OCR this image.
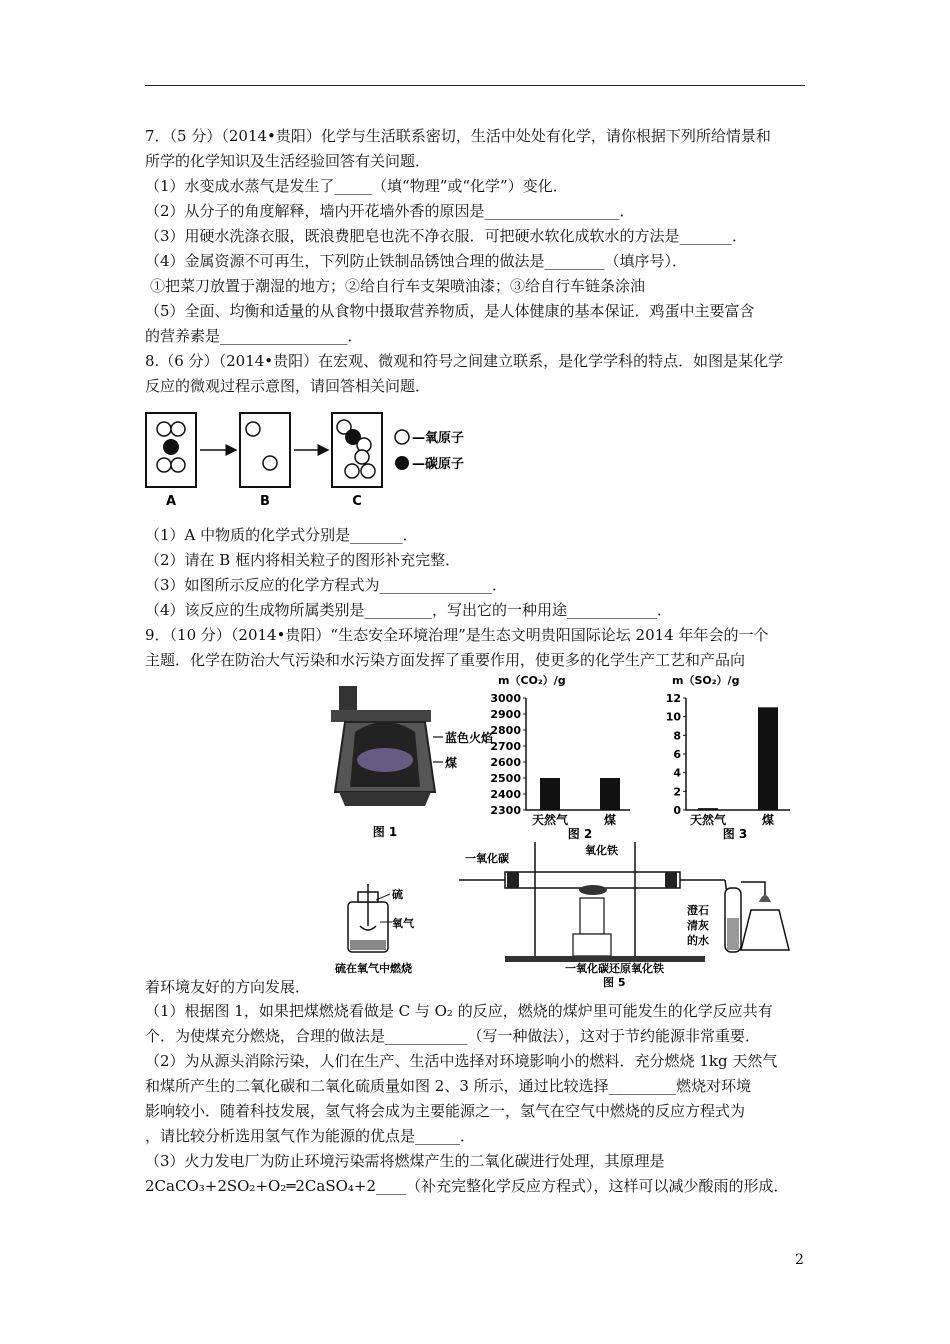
7．（5 分）（2014•贵阳）化学与生活联系密切，生活中处处有化学，请你根据下列所给情景和
所学的化学知识及生活经验回答有关问题．
（1）水变成水蒸气是发生了_____（填“物理”或“化学”）变化．
（2）从分子的角度解释，墙内开花墙外香的原因是__________________．
（3）用硬水洗涤衣服，既浪费肥皂也洗不净衣服．可把硬水软化成软水的方法是_______．
（4）金属资源不可再生，下列防止铁制品锈蚀合理的做法是________（填序号）．
①把菜刀放置于潮湿的地方；②给自行车支架喷油漆；③给自行车链条涂油
（5）全面、均衡和适量的从食物中摄取营养物质，是人体健康的基本保证．鸡蛋中主要富含
的营养素是_________________．
8.（6 分）（2014•贵阳）在宏观、微观和符号之间建立联系，是化学学科的特点．如图是某化学
反应的微观过程示意图，请回答相关问题．
—氧原子
—碳原子
A	B	C
（1）A 中物质的化学式分别是_______．
（2）请在 B 框内将相关粒子的图形补充完整．
（3）如图所示反应的化学方程式为_______________．
（4）该反应的生成物所属类别是_________，写出它的一种用途____________．
9．（10 分）（2014•贵阳）“生态安全环境治理”是生态文明贵阳国际论坛 2014 年年会的一个
主题．化学在防治大气污染和水污染方面发挥了重要作用，使更多的化学生产工艺和产品向
蓝色火焰
煤
图 1
m（CO₂）/g
2300
2400
2500
2600
2700
2800
2900
3000
天然气	煤
图 2
m（SO₂）/g
0
2
4
6
8
10
12
天然气	煤
图 3
硫
氧气
硫在氧气中燃烧
一氧化碳
氧化铁
澄石
清灰
的水
一氧化碳还原氧化铁
图 5
着环境友好的方向发展．
（1）根据图 1，如果把煤燃烧看做是 C 与 O₂ 的反应，燃烧的煤炉里可能发生的化学反应共有
个．为使煤充分燃烧，合理的做法是___________（写一种做法），这对于节约能源非常重要．
（2）为从源头消除污染，人们在生产、生活中选择对环境影响小的燃料．充分燃烧 1kg 天然气
和煤所产生的二氧化碳和二氧化硫质量如图 2、3 所示，通过比较选择_________燃烧对环境
影响较小．随着科技发展，氢气将会成为主要能源之一，氢气在空气中燃烧的反应方程式为
，请比较分析选用氢气作为能源的优点是______．
（3）火力发电厂为防止环境污染需将燃煤产生的二氧化碳进行处理，其原理是
2CaCO₃+2SO₂+O₂═2CaSO₄+2____（补充完整化学反应方程式），这样可以减少酸雨的形成．
2
